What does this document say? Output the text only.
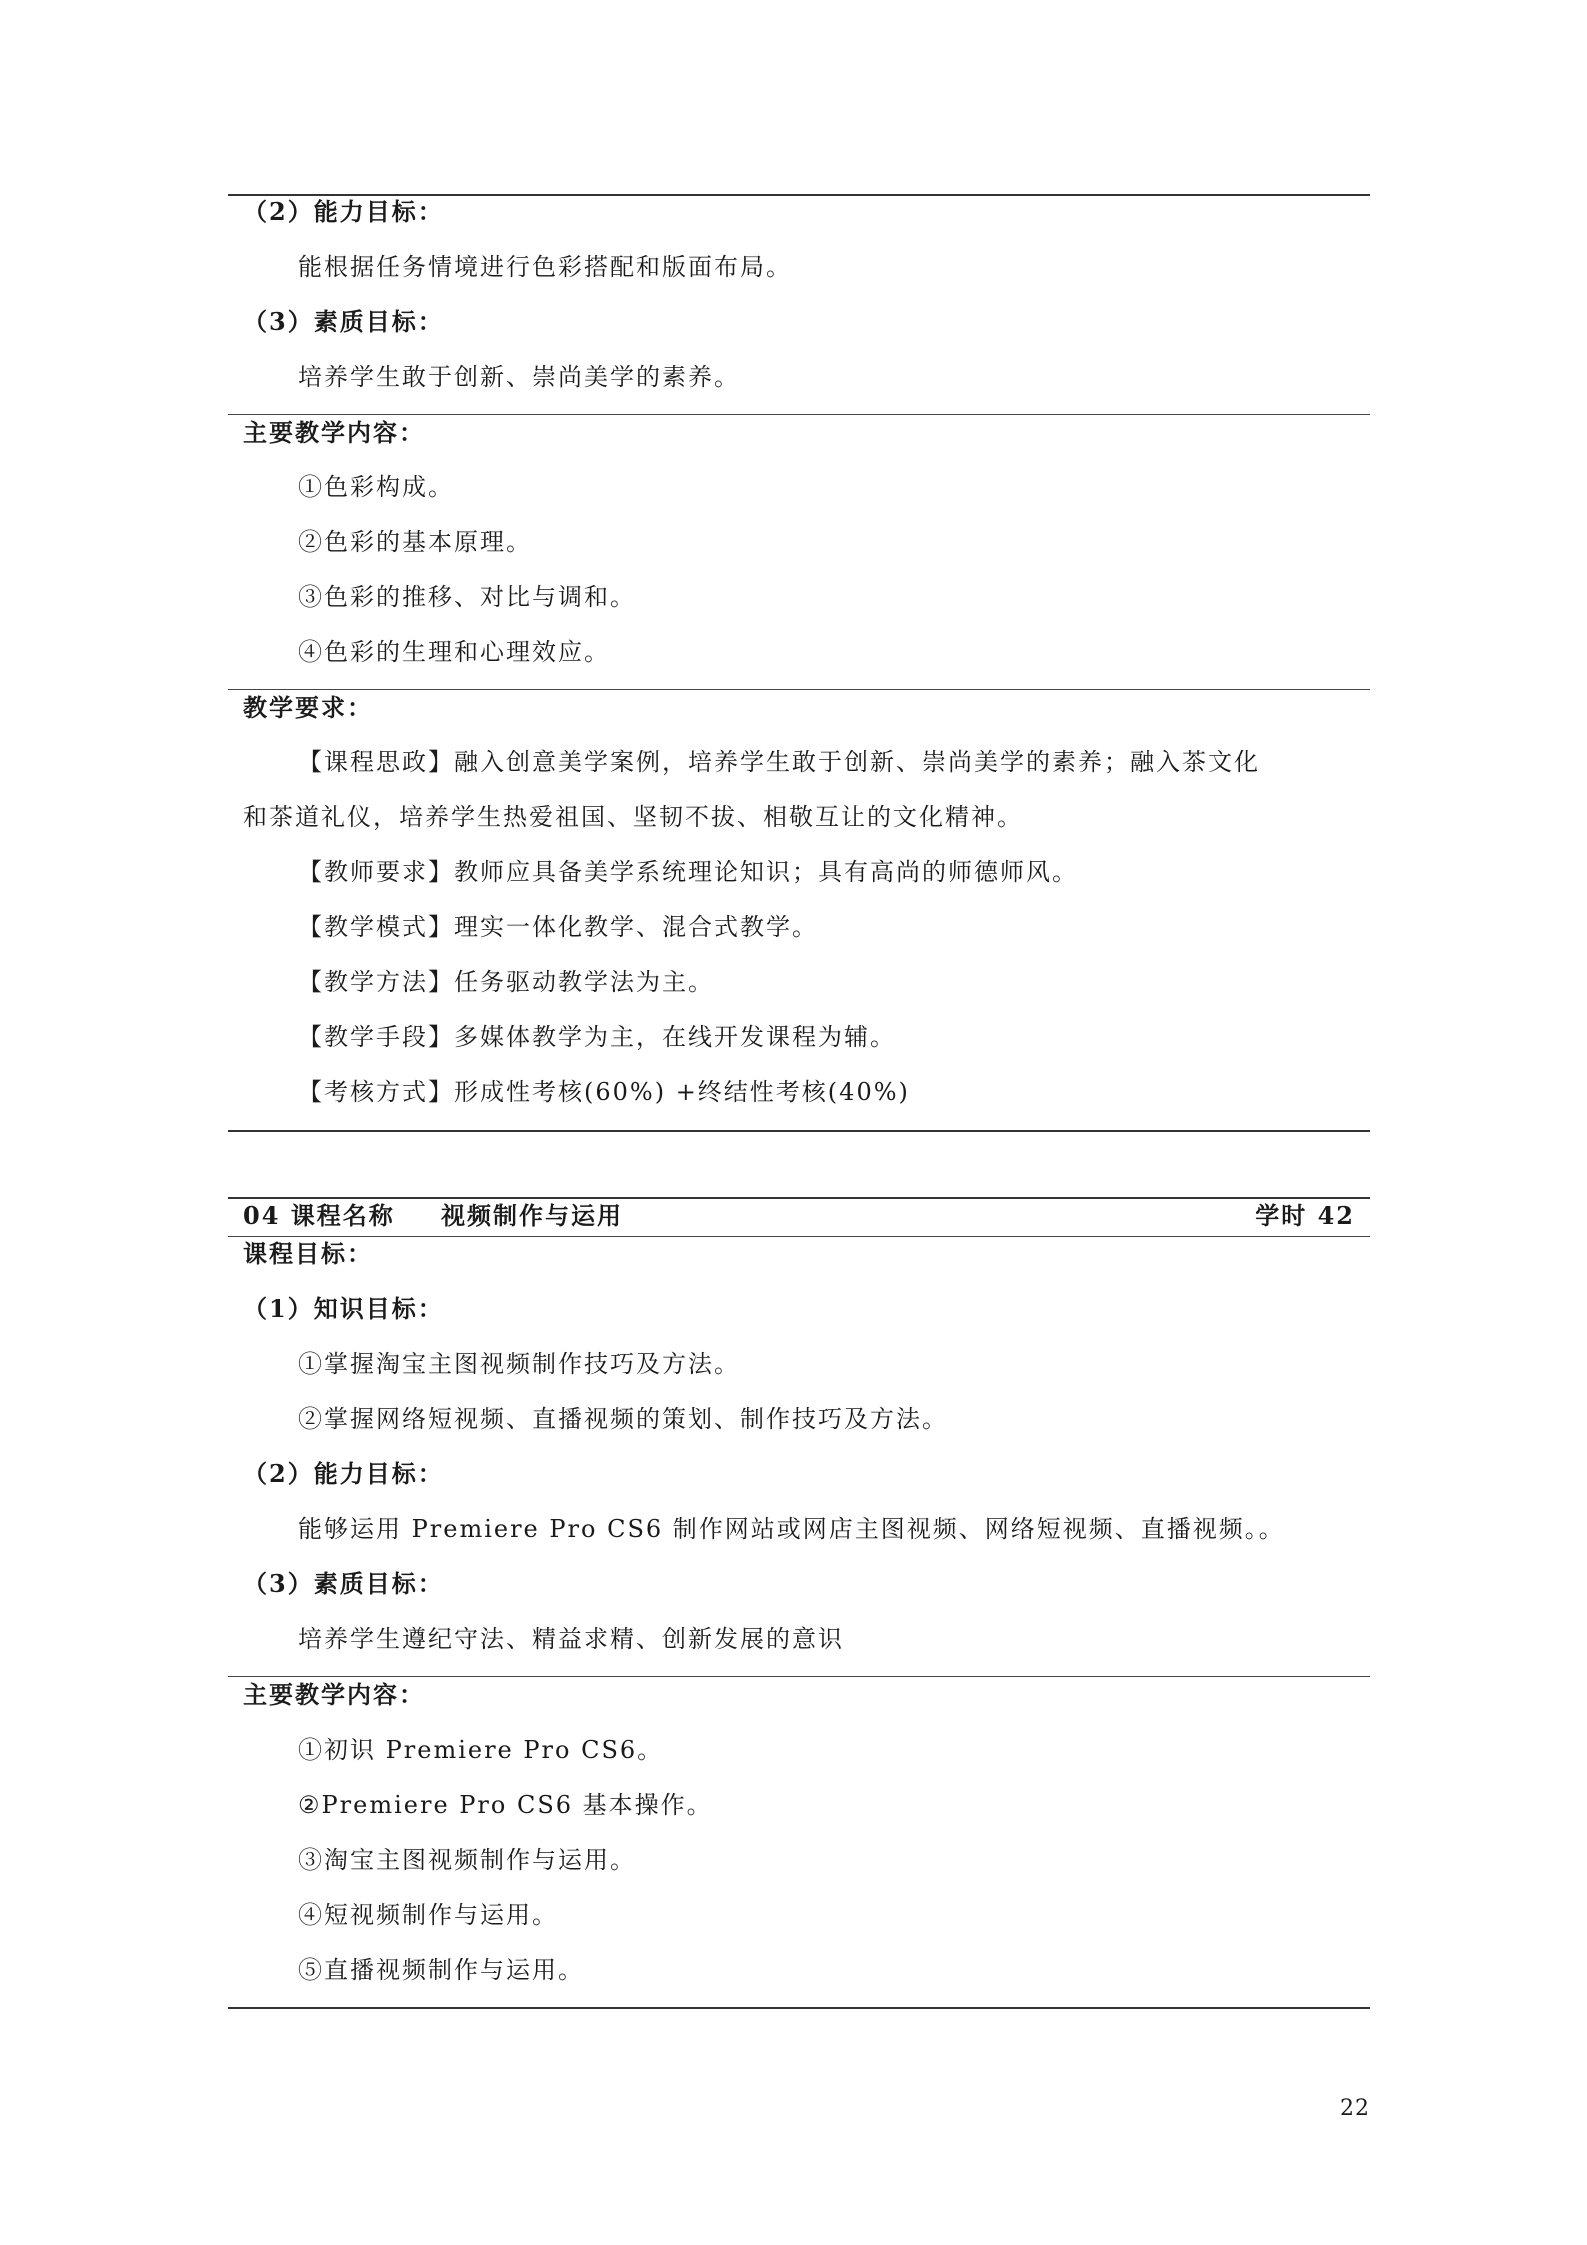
（2）能力目标：
能根据任务情境进行色彩搭配和版面布局。
（3）素质目标：
培养学生敢于创新、崇尚美学的素养。
主要教学内容：
①色彩构成。
②色彩的基本原理。
③色彩的推移、对比与调和。
④色彩的生理和心理效应。
教学要求：
【课程思政】融入创意美学案例，培养学生敢于创新、崇尚美学的素养；融入茶文化
和茶道礼仪，培养学生热爱祖国、坚韧不拔、相敬互让的文化精神。
【教师要求】教师应具备美学系统理论知识；具有高尚的师德师风。
【教学模式】理实一体化教学、混合式教学。
【教学方法】任务驱动教学法为主。
【教学手段】多媒体教学为主，在线开发课程为辅。
【考核方式】形成性考核(60%) +终结性考核(40%)
04 课程名称 视频制作与运用	学时 42
课程目标：
（1）知识目标：
①掌握淘宝主图视频制作技巧及方法。
②掌握网络短视频、直播视频的策划、制作技巧及方法。
（2）能力目标：
能够运用 Premiere Pro CS6 制作网站或网店主图视频、网络短视频、直播视频。。
（3）素质目标：
培养学生遵纪守法、精益求精、创新发展的意识
主要教学内容：
①初识 Premiere Pro CS6。
②Premiere Pro CS6 基本操作。
③淘宝主图视频制作与运用。
④短视频制作与运用。
⑤直播视频制作与运用。
22
